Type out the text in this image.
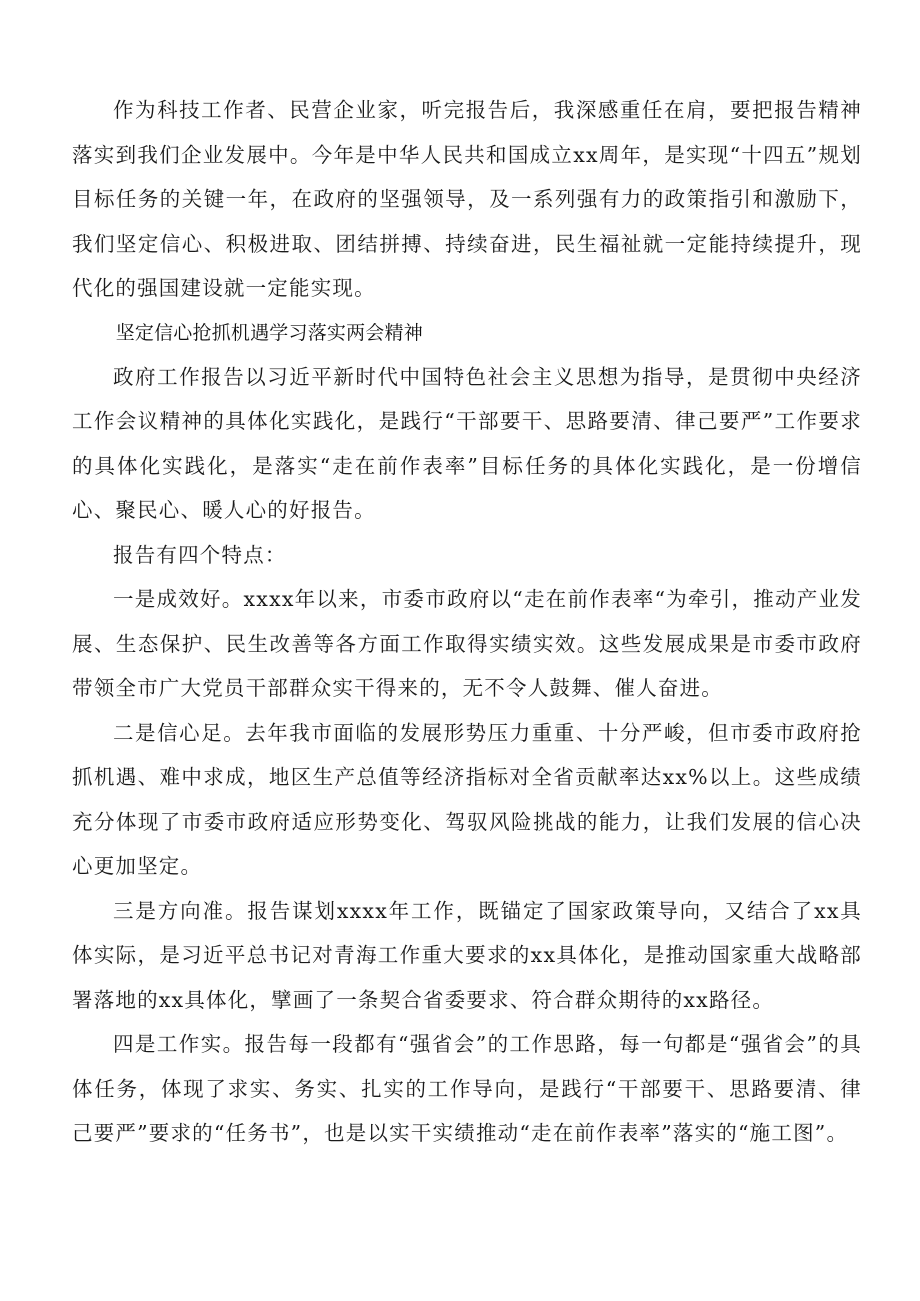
作为科技工作者、民营企业家，听完报告后，我深感重任在肩，要把报告精神落实到我们企业发展中。今年是中华人民共和国成立xx周年，是实现“十四五”规划目标任务的关键一年，在政府的坚强领导，及一系列强有力的政策指引和激励下，我们坚定信心、积极进取、团结拼搏、持续奋进，民生福祉就一定能持续提升，现代化的强国建设就一定能实现。

坚定信心抢抓机遇学习落实两会精神

政府工作报告以习近平新时代中国特色社会主义思想为指导，是贯彻中央经济工作会议精神的具体化实践化，是践行“干部要干、思路要清、律己要严”工作要求的具体化实践化，是落实“走在前作表率”目标任务的具体化实践化，是一份增信心、聚民心、暖人心的好报告。

报告有四个特点：

一是成效好。xxxx年以来，市委市政府以“走在前作表率“为牵引，推动产业发展、生态保护、民生改善等各方面工作取得实绩实效。这些发展成果是市委市政府带领全市广大党员干部群众实干得来的，无不令人鼓舞、催人奋进。

二是信心足。去年我市面临的发展形势压力重重、十分严峻，但市委市政府抢抓机遇、难中求成，地区生产总值等经济指标对全省贡献率达xx%以上。这些成绩充分体现了市委市政府适应形势变化、驾驭风险挑战的能力，让我们发展的信心决心更加坚定。

三是方向准。报告谋划xxxx年工作，既锚定了国家政策导向，又结合了xx具体实际，是习近平总书记对青海工作重大要求的xx具体化，是推动国家重大战略部署落地的xx具体化，擘画了一条契合省委要求、符合群众期待的xx路径。

四是工作实。报告每一段都有“强省会”的工作思路，每一句都是“强省会”的具体任务，体现了求实、务实、扎实的工作导向，是践行“干部要干、思路要清、律己要严”要求的“任务书”，也是以实干实绩推动“走在前作表率”落实的“施工图”。
